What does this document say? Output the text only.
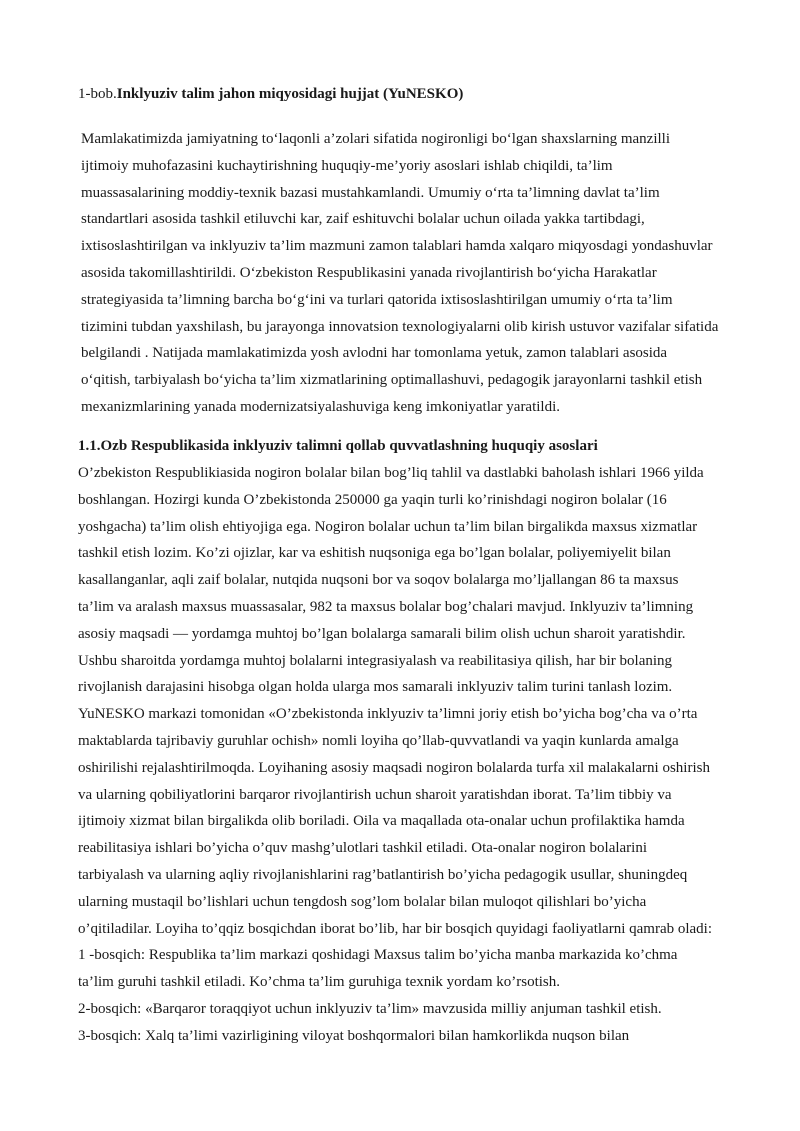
1-bob.Inklyuziv talim jahon miqyosidagi hujjat (YuNESKO)

Mamlakatimizda jamiyatning to‘laqonli a’zolari sifatida nogironligi bo‘lgan shaxslarning manzilli
ijtimoiy muhofazasini kuchaytirishning huquqiy-me’yoriy asoslari ishlab chiqildi, ta’lim
muassasalarining moddiy-texnik bazasi mustahkamlandi. Umumiy o‘rta ta’limning davlat ta’lim
standartlari asosida tashkil etiluvchi kar, zaif eshituvchi bolalar uchun oilada yakka tartibdagi,
ixtisoslashtirilgan va inklyuziv ta’lim mazmuni zamon talablari hamda xalqaro miqyosdagi yondashuvlar
asosida takomillashtirildi. O‘zbekiston Respublikasini yanada rivojlantirish bo‘yicha Harakatlar
strategiyasida ta’limning barcha bo‘g‘ini va turlari qatorida ixtisoslashtirilgan umumiy o‘rta ta’lim
tizimini tubdan yaxshilash, bu jarayonga innovatsion texnologiyalarni olib kirish ustuvor vazifalar sifatida
belgilandi . Natijada mamlakatimizda yosh avlodni har tomonlama yetuk, zamon talablari asosida
o‘qitish, tarbiyalash bo‘yicha ta’lim xizmatlarining optimallashuvi, pedagogik jarayonlarni tashkil etish
mexanizmlarining yanada modernizatsiyalashuviga keng imkoniyatlar yaratildi.

1.1.Ozb Respublikasida inklyuziv talimni qollab quvvatlashning huquqiy asoslari

O’zbekiston Respublikiasida nogiron bolalar bilan bog’liq tahlil va dastlabki baholash ishlari 1966 yilda
boshlangan. Hozirgi kunda O’zbekistonda 250000 ga yaqin turli ko’rinishdagi nogiron bolalar (16
yoshgacha) ta’lim olish ehtiyojiga ega. Nogiron bolalar uchun ta’lim bilan birgalikda maxsus xizmatlar
tashkil etish lozim. Ko’zi ojizlar, kar va eshitish nuqsoniga ega bo’lgan bolalar, poliyemiyelit bilan
kasallanganlar, aqli zaif bolalar, nutqida nuqsoni bor va soqov bolalarga mo’ljallangan 86 ta maxsus
ta’lim va aralash maxsus muassasalar, 982 ta maxsus bolalar bog’chalari mavjud. Inklyuziv ta’limning
asosiy maqsadi — yordamga muhtoj bo’lgan bolalarga samarali bilim olish uchun sharoit yaratishdir.
Ushbu sharoitda yordamga muhtoj bolalarni integrasiyalash va reabilitasiya qilish, har bir bolaning
rivojlanish darajasini hisobga olgan holda ularga mos samarali inklyuziv talim turini tanlash lozim.
YuNESKO markazi tomonidan «O’zbekistonda inklyuziv ta’limni joriy etish bo’yicha bog’cha va o’rta
maktablarda tajribaviy guruhlar ochish» nomli loyiha qo’llab-quvvatlandi va yaqin kunlarda amalga
oshirilishi rejalashtirilmoqda. Loyihaning asosiy maqsadi nogiron bolalarda turfa xil malakalarni oshirish
va ularning qobiliyatlorini barqaror rivojlantirish uchun sharoit yaratishdan iborat. Ta’lim tibbiy va
ijtimoiy xizmat bilan birgalikda olib boriladi. Oila va maqallada ota-onalar uchun profilaktika hamda
reabilitasiya ishlari bo’yicha o’quv mashg’ulotlari tashkil etiladi. Ota-onalar nogiron bolalarini
tarbiyalash va ularning aqliy rivojlanishlarini rag’batlantirish bo’yicha pedagogik usullar, shuningdeq
ularning mustaqil bo’lishlari uchun tengdosh sog’lom bolalar bilan muloqot qilishlari bo’yicha
o’qitiladilar. Loyiha to’qqiz bosqichdan iborat bo’lib, har bir bosqich quyidagi faoliyatlarni qamrab oladi:
1 -bosqich: Respublika ta’lim markazi qoshidagi Maxsus talim bo’yicha manba markazida ko’chma
ta’lim guruhi tashkil etiladi. Ko’chma ta’lim guruhiga texnik yordam ko’rsotish.
2-bosqich: «Barqaror toraqqiyot uchun inklyuziv ta’lim» mavzusida milliy anjuman tashkil etish.
3-bosqich: Xalq ta’limi vazirligining viloyat boshqormalori bilan hamkorlikda nuqson bilan
